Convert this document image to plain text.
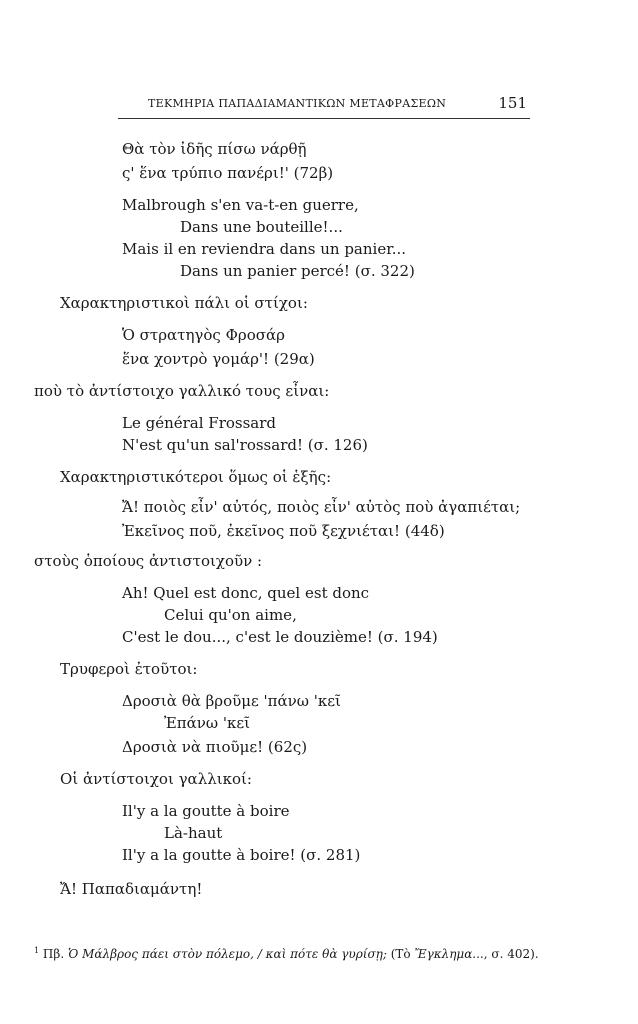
ΤΕΚΜΗΡΙΑ ΠΑΠΑΔΙΑΜΑΝΤΙΚΩΝ ΜΕΤΑΦΡΑΣΕΩΝ	151
Θὰ τὸν ἰδῆς πίσω νάρθῇ
ς' ἕνα τρύπιο πανέρι!' (72β)
Malbrough s'en va-t-en guerre,
Dans une bouteille!...
Mais il en reviendra dans un panier...
Dans un panier percé! (σ. 322)
Χαρακτηριστικοὶ πάλι οἱ στίχοι:
Ὁ στρατηγὸς Φροσάρ
ἕνα χοντρὸ γομάρ'! (29α)
ποὺ τὸ ἀντίστοιχο γαλλικό τους εἶναι:
Le général Frossard
N'est qu'un sal'rossard! (σ. 126)
Χαρακτηριστικότεροι ὅμως οἱ ἑξῆς:
Ἄ! ποιὸς εἶν' αὐτός, ποιὸς εἶν' αὐτὸς ποὺ ἀγαπιέται;
Ἐκεῖνος ποῦ, ἐκεῖνος ποῦ ξεχνιέται! (44δ)
στοὺς ὁποίους ἀντιστοιχοῦν :
Ah! Quel est donc, quel est donc
Celui qu'on aime,
C'est le dou..., c'est le douzième! (σ. 194)
Τρυφεροὶ ἐτοῦτοι:
Δροσιὰ θὰ βροῦμε 'πάνω 'κεῖ
Ἐπάνω 'κεῖ
Δροσιὰ νὰ πιοῦμε! (62ς)
Οἱ ἀντίστοιχοι γαλλικοί:
Il'y a la goutte à boire
Là-haut
Il'y a la goutte à boire! (σ. 281)
Ἄ! Παπαδιαμάντη!
$^1$ Πβ. Ὁ Μάλβρος πάει στὸν πόλεμο, / καὶ πότε θὰ γυρίσῃ; (Τὸ Ἔγκλημα..., σ. 402).
